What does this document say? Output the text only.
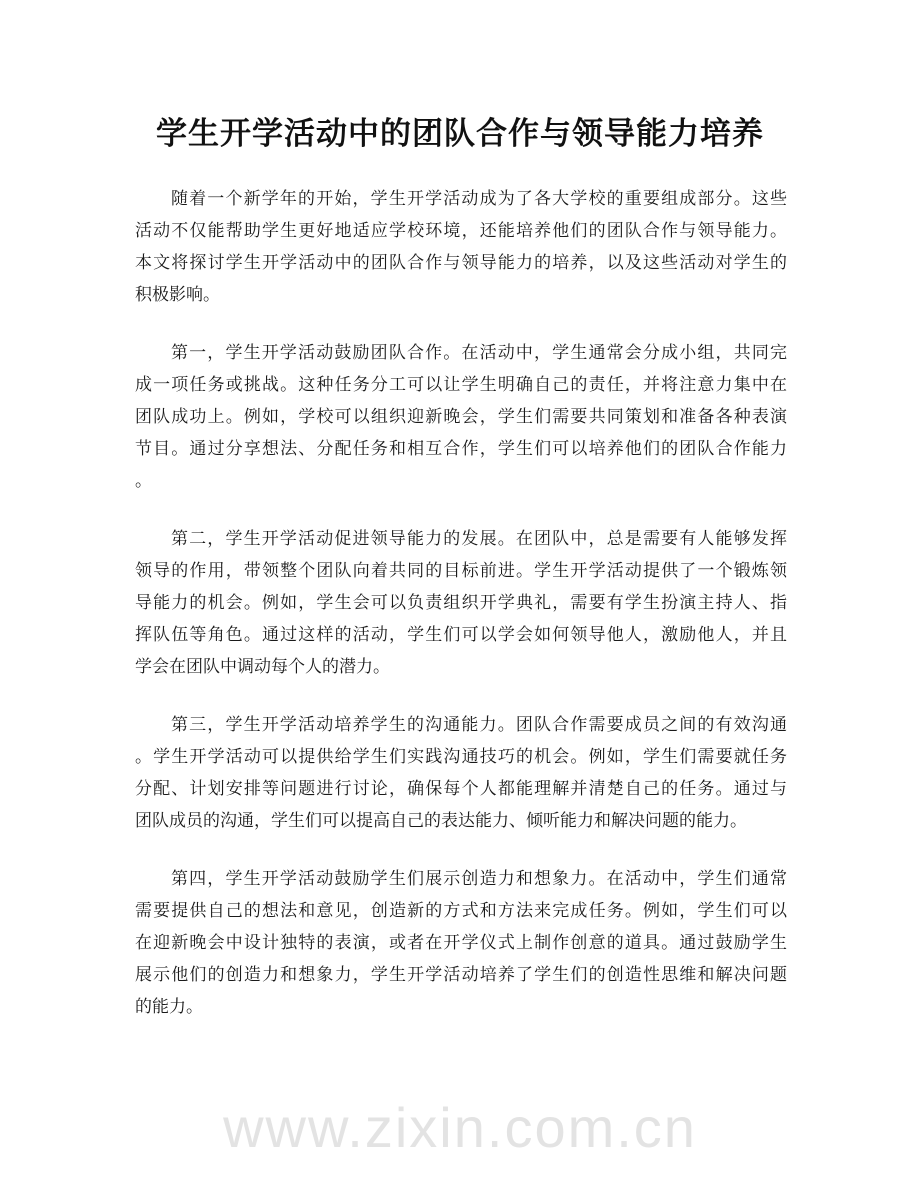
学生开学活动中的团队合作与领导能力培养
随着一个新学年的开始，学生开学活动成为了各大学校的重要组成部分。这些
活动不仅能帮助学生更好地适应学校环境，还能培养他们的团队合作与领导能力。
本文将探讨学生开学活动中的团队合作与领导能力的培养，以及这些活动对学生的
积极影响。
第一，学生开学活动鼓励团队合作。在活动中，学生通常会分成小组，共同完
成一项任务或挑战。这种任务分工可以让学生明确自己的责任，并将注意力集中在
团队成功上。例如，学校可以组织迎新晚会，学生们需要共同策划和准备各种表演
节目。通过分享想法、分配任务和相互合作，学生们可以培养他们的团队合作能力
。
第二，学生开学活动促进领导能力的发展。在团队中，总是需要有人能够发挥
领导的作用，带领整个团队向着共同的目标前进。学生开学活动提供了一个锻炼领
导能力的机会。例如，学生会可以负责组织开学典礼，需要有学生扮演主持人、指
挥队伍等角色。通过这样的活动，学生们可以学会如何领导他人，激励他人，并且
学会在团队中调动每个人的潜力。
第三，学生开学活动培养学生的沟通能力。团队合作需要成员之间的有效沟通
。学生开学活动可以提供给学生们实践沟通技巧的机会。例如，学生们需要就任务
分配、计划安排等问题进行讨论，确保每个人都能理解并清楚自己的任务。通过与
团队成员的沟通，学生们可以提高自己的表达能力、倾听能力和解决问题的能力。
第四，学生开学活动鼓励学生们展示创造力和想象力。在活动中，学生们通常
需要提供自己的想法和意见，创造新的方式和方法来完成任务。例如，学生们可以
在迎新晚会中设计独特的表演，或者在开学仪式上制作创意的道具。通过鼓励学生
展示他们的创造力和想象力，学生开学活动培养了学生们的创造性思维和解决问题
的能力。
www.zixin.com.cn
